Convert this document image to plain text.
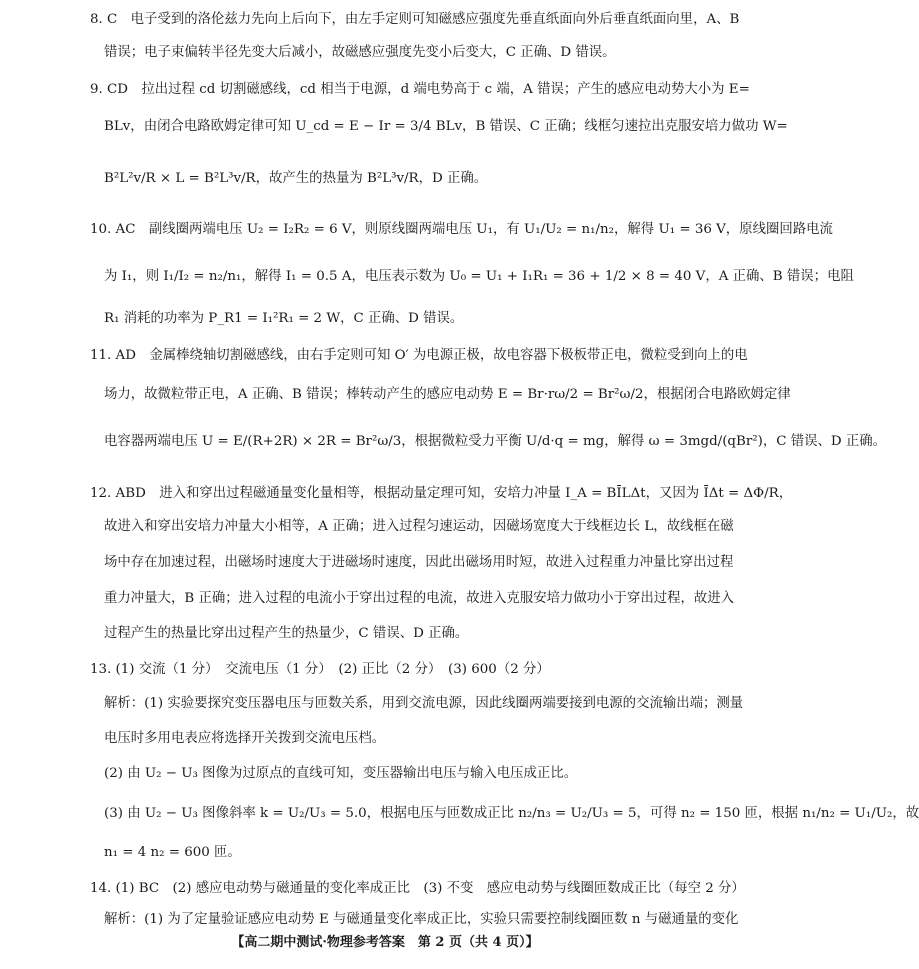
8. C　电子受到的洛伦兹力先向上后向下，由左手定则可知磁感应强度先垂直纸面向外后垂直纸面向里，A、B
错误；电子束偏转半径先变大后减小，故磁感应强度先变小后变大，C 正确、D 错误。
9. CD　拉出过程 cd 切割磁感线，cd 相当于电源，d 端电势高于 c 端，A 错误；产生的感应电动势大小为 E=
BLv，由闭合电路欧姆定律可知 U_cd = E − Ir = 3/4 BLv，B 错误、C 正确；线框匀速拉出克服安培力做功 W=
B²L²v/R × L = B²L³v/R，故产生的热量为 B²L³v/R，D 正确。
10. AC　副线圈两端电压 U₂ = I₂R₂ = 6 V，则原线圈两端电压 U₁，有 U₁/U₂ = n₁/n₂，解得 U₁ = 36 V，原线圈回路电流
为 I₁，则 I₁/I₂ = n₂/n₁，解得 I₁ = 0.5 A，电压表示数为 U₀ = U₁ + I₁R₁ = 36 + 1/2 × 8 = 40 V，A 正确、B 错误；电阻
R₁ 消耗的功率为 P_R1 = I₁²R₁ = 2 W，C 正确、D 错误。
11. AD　金属棒绕轴切割磁感线，由右手定则可知 O′ 为电源正极，故电容器下极板带正电，微粒受到向上的电
场力，故微粒带正电，A 正确、B 错误；棒转动产生的感应电动势 E = Br·rω/2 = Br²ω/2，根据闭合电路欧姆定律
电容器两端电压 U = E/(R+2R) × 2R = Br²ω/3，根据微粒受力平衡 U/d·q = mg，解得 ω = 3mgd/(qBr²)，C 错误、D 正确。
12. ABD　进入和穿出过程磁通量变化量相等，根据动量定理可知，安培力冲量 I_A = BĪLΔt，又因为 ĪΔt = ΔΦ/R，
故进入和穿出安培力冲量大小相等，A 正确；进入过程匀速运动，因磁场宽度大于线框边长 L，故线框在磁
场中存在加速过程，出磁场时速度大于进磁场时速度，因此出磁场用时短，故进入过程重力冲量比穿出过程
重力冲量大，B 正确；进入过程的电流小于穿出过程的电流，故进入克服安培力做功小于穿出过程，故进入
过程产生的热量比穿出过程产生的热量少，C 错误、D 正确。
13. (1) 交流（1 分）　交流电压（1 分）　(2) 正比（2 分）　(3) 600（2 分）
解析：(1) 实验要探究变压器电压与匝数关系，用到交流电源，因此线圈两端要接到电源的交流输出端；测量
电压时多用电表应将选择开关拨到交流电压档。
(2) 由 U₂ − U₃ 图像为过原点的直线可知，变压器输出电压与输入电压成正比。
(3) 由 U₂ − U₃ 图像斜率 k = U₂/U₃ = 5.0，根据电压与匝数成正比 n₂/n₃ = U₂/U₃ = 5，可得 n₂ = 150 匝，根据 n₁/n₂ = U₁/U₂，故
n₁ = 4 n₂ = 600 匝。
14. (1) BC　(2) 感应电动势与磁通量的变化率成正比　(3) 不变　感应电动势与线圈匝数成正比（每空 2 分）
解析：(1) 为了定量验证感应电动势 E 与磁通量变化率成正比，实验只需要控制线圈匝数 n 与磁通量的变化
【高二期中测试·物理参考答案　第 2 页（共 4 页）】
